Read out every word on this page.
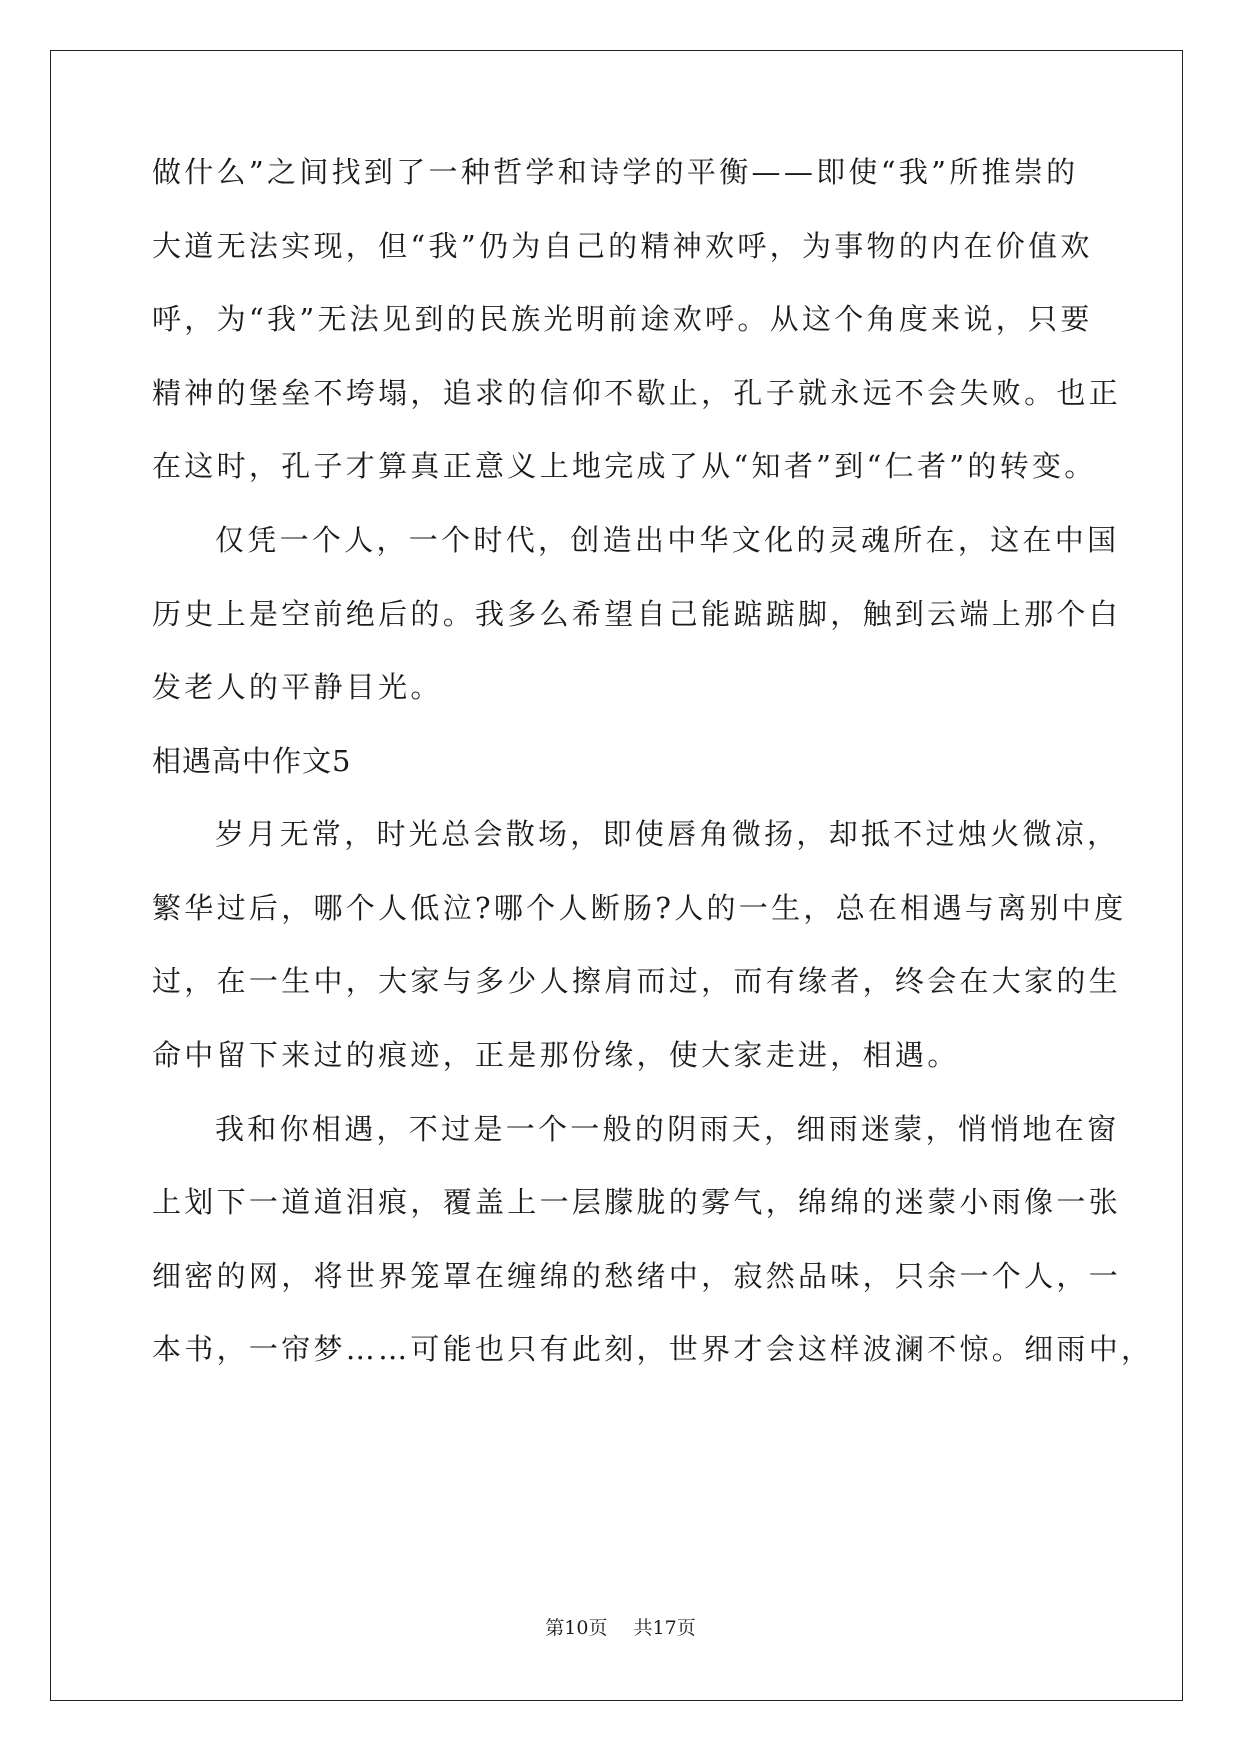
做什么”之间找到了一种哲学和诗学的平衡——即使“我”所推崇的
大道无法实现，但“我”仍为自己的精神欢呼，为事物的内在价值欢
呼，为“我”无法见到的民族光明前途欢呼。从这个角度来说，只要
精神的堡垒不垮塌，追求的信仰不歇止，孔子就永远不会失败。也正
在这时，孔子才算真正意义上地完成了从“知者”到“仁者”的转变。
仅凭一个人，一个时代，创造出中华文化的灵魂所在，这在中国
历史上是空前绝后的。我多么希望自己能踮踮脚，触到云端上那个白
发老人的平静目光。
相遇高中作文5
岁月无常，时光总会散场，即使唇角微扬，却抵不过烛火微凉，
繁华过后，哪个人低泣?哪个人断肠?人的一生，总在相遇与离别中度
过，在一生中，大家与多少人擦肩而过，而有缘者，终会在大家的生
命中留下来过的痕迹，正是那份缘，使大家走进，相遇。
我和你相遇，不过是一个一般的阴雨天，细雨迷蒙，悄悄地在窗
上划下一道道泪痕，覆盖上一层朦胧的雾气，绵绵的迷蒙小雨像一张
细密的网，将世界笼罩在缠绵的愁绪中，寂然品味，只余一个人，一
本书，一帘梦……可能也只有此刻，世界才会这样波澜不惊。细雨中，
第10页 共17页
